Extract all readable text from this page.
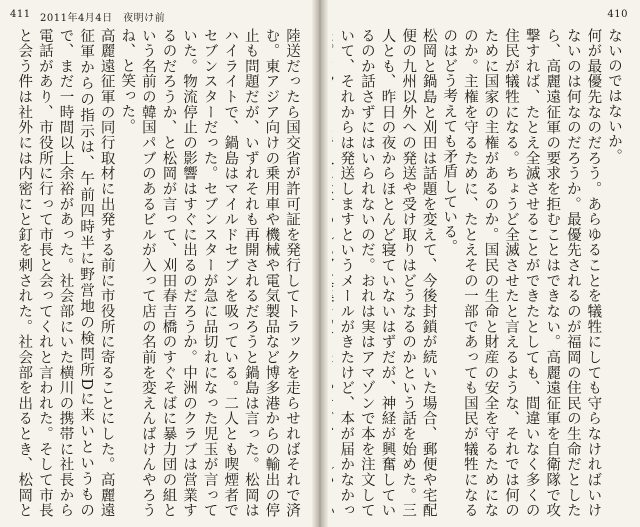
411 2011年4月4日　夜明け前

陸送だったら国交省が許可証を発行してトラックを走らせればそれで済む。東アジア向けの乗用車や機械や電気製品など博多港からの輸出の停止も問題だが、いずれそれも再開されるだろうと鍋島は言った。松岡はハイライトで、鍋島はマイルドセブンを吸っている。二人とも喫煙者でセブンスターだった。セブンスターが急に品切れになった児玉が言っていた。物流停止の影響はすぐに出るのだろうか。中洲のクラブは営業するのだろうか、と松岡が言って、刈田春吉橋のすぐそばに暴力団の組という名前の韓国パブのあるビルが入って店の名前を変えんばけんやろうね、と笑った。

高麗遠征軍の同行取材に出発する前に市役所に寄ることにした。高麗遠征軍からの指示は、午前四時半に野営地の検問所Dに来いというもので、まだ一時間以上余裕があった。社会部にいた横川の携帯に社長から電話があり、市役所に行って市長と会ってくれと言われた。そして市長と会う件は社外には内密にと釘を刺された。社会部を出るとき、松岡と

410

ないのではないか。

何が最優先なのだろう。あらゆることを犠牲にしても守らなければいけないのは何なのだろうか。最優先されるのが福岡の住民の生命だとしたら、高麗遠征軍の要求を拒むことはできない。高麗遠征軍を自衛隊で攻撃すれば、たとえ全滅させることができたとしても、間違いなく多くの住民が犠牲になる。ちょうど全滅させたと言えるような、それでは何のために国家の主権があるのか。国民の生命と財産の安全を守るためになのか。主権を守るために、たとえその一部であっても国民が犠牲になるのはどう考えても矛盾している。

松岡と鍋島と刈田は話題を変えて、今後封鎖が続いた場合、郵便や宅配便の九州以外への発送や受け取りはどうなるのかという話を始めた。三人とも、昨日の夜からほとんど寝ていないはずだが、神経が興奮しているのか話さずにはいられないのだ。おれは実はアマゾンで本を注文していて、それからは発送しますというメールがきたけど、本が届かなかっ
